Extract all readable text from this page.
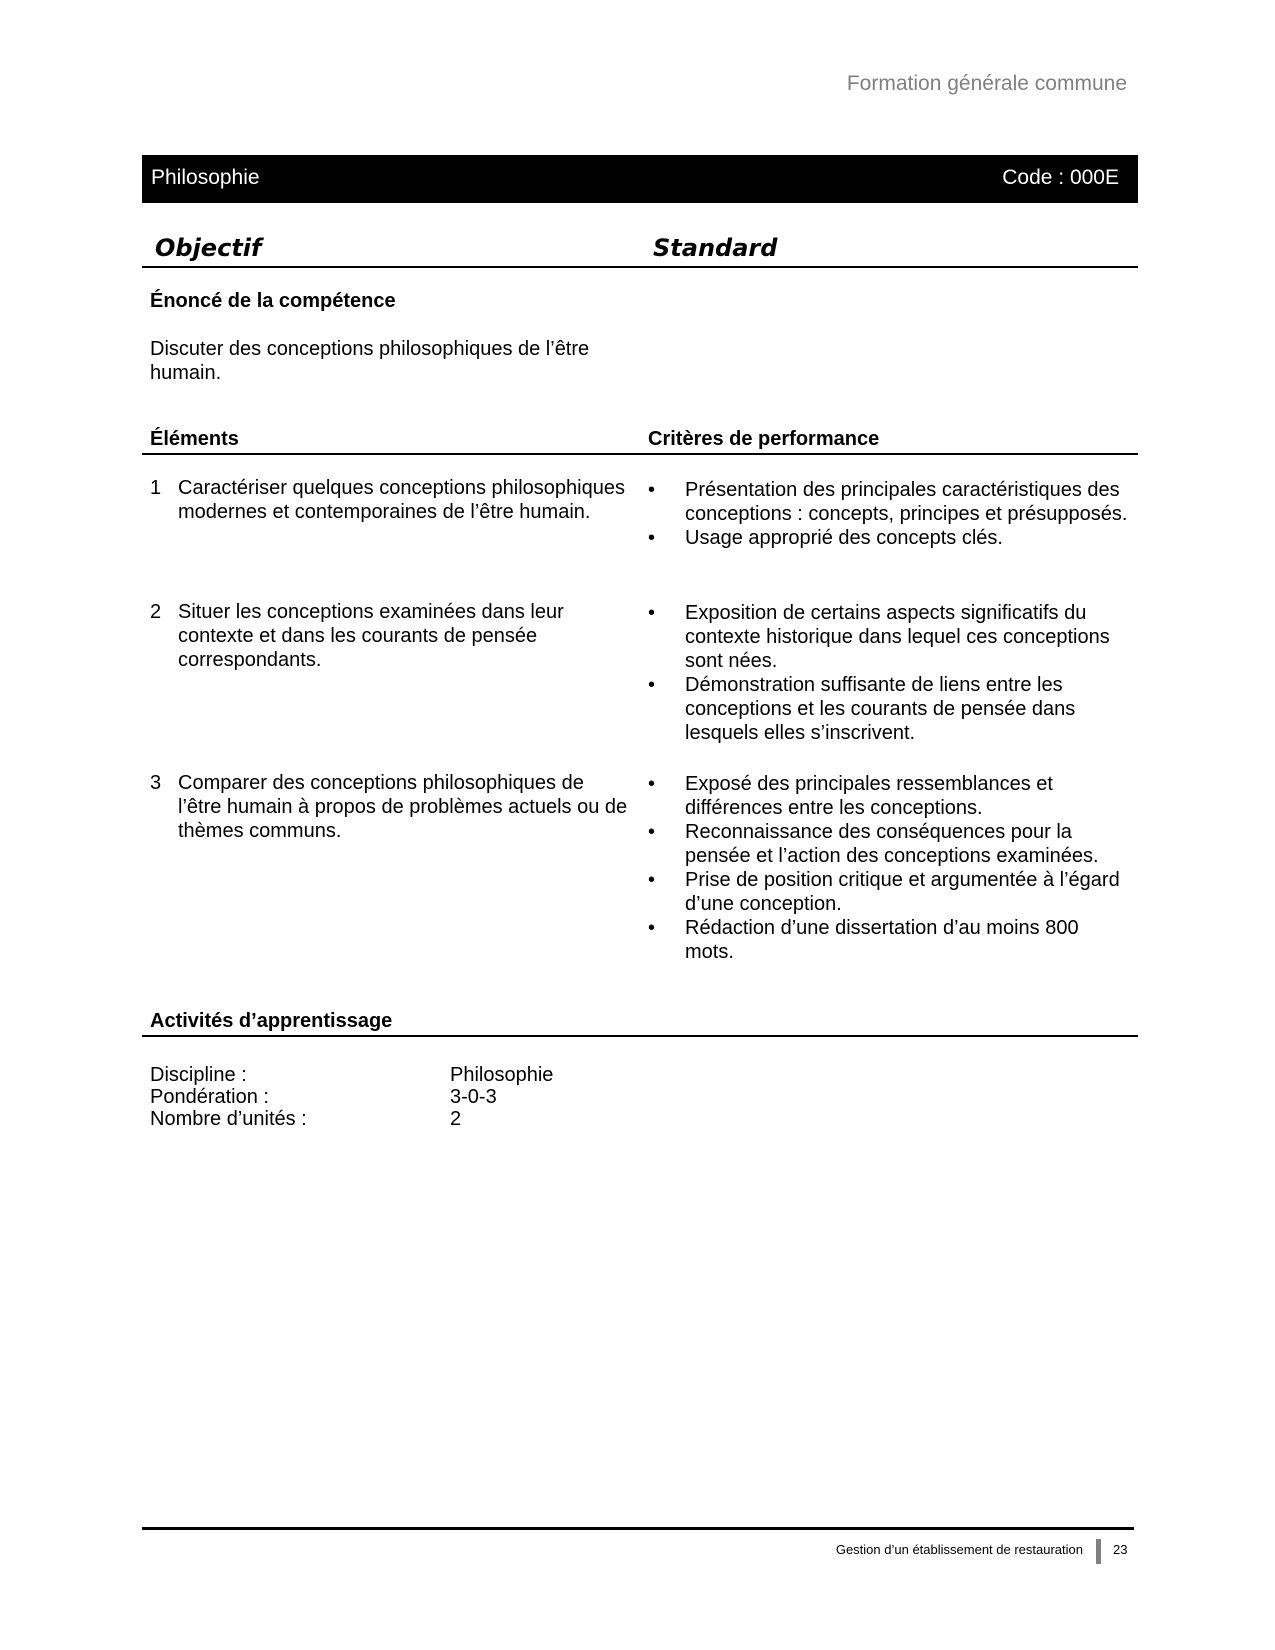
Formation générale commune
Philosophie	Code : 000E
Objectif	Standard
Énoncé de la compétence
Discuter des conceptions philosophiques de l’être humain.
Éléments	Critères de performance
1 Caractériser quelques conceptions philosophiques modernes et contemporaines de l’être humain.
• Présentation des principales caractéristiques des conceptions : concepts, principes et présupposés.
• Usage approprié des concepts clés.
2 Situer les conceptions examinées dans leur contexte et dans les courants de pensée correspondants.
• Exposition de certains aspects significatifs du contexte historique dans lequel ces conceptions sont nées.
• Démonstration suffisante de liens entre les conceptions et les courants de pensée dans lesquels elles s’inscrivent.
3 Comparer des conceptions philosophiques de l’être humain à propos de problèmes actuels ou de thèmes communs.
• Exposé des principales ressemblances et différences entre les conceptions.
• Reconnaissance des conséquences pour la pensée et l’action des conceptions examinées.
• Prise de position critique et argumentée à l’égard d’une conception.
• Rédaction d’une dissertation d’au moins 800 mots.
Activités d’apprentissage
Discipline :	Philosophie
Pondération :	3-0-3
Nombre d’unités :	2
Gestion d’un établissement de restauration 23
